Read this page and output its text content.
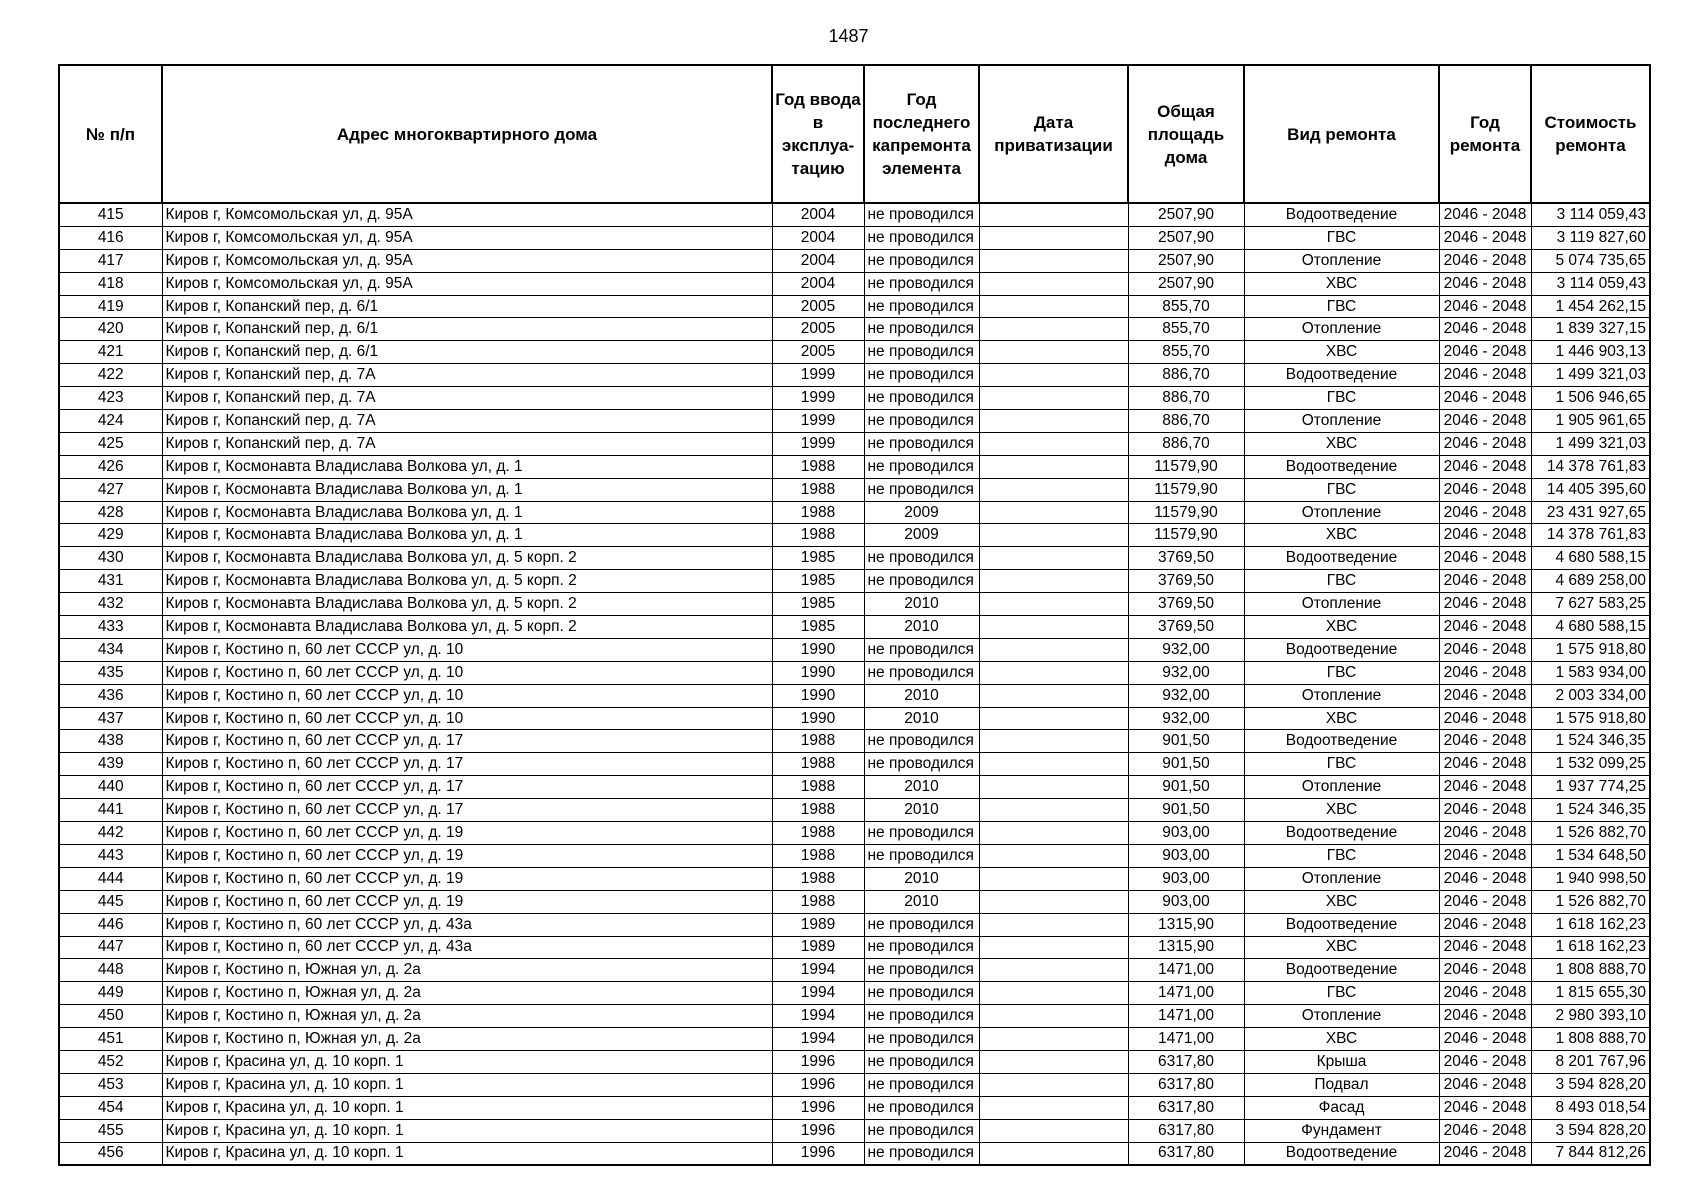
1487
№ п/п	Адрес многоквартирного дома	Год ввода в эксплуа-тацию	Год последнего капремонта элемента	Дата приватизации	Общая площадь дома	Вид ремонта	Год ремонта	Стоимость ремонта
415	Киров г, Комсомольская ул, д. 95А	2004	не проводился		2507,90	Водоотведение	2046 - 2048	3 114 059,43
416	Киров г, Комсомольская ул, д. 95А	2004	не проводился		2507,90	ГВС	2046 - 2048	3 119 827,60
417	Киров г, Комсомольская ул, д. 95А	2004	не проводился		2507,90	Отопление	2046 - 2048	5 074 735,65
418	Киров г, Комсомольская ул, д. 95А	2004	не проводился		2507,90	ХВС	2046 - 2048	3 114 059,43
419	Киров г, Копанский пер, д. 6/1	2005	не проводился		855,70	ГВС	2046 - 2048	1 454 262,15
420	Киров г, Копанский пер, д. 6/1	2005	не проводился		855,70	Отопление	2046 - 2048	1 839 327,15
421	Киров г, Копанский пер, д. 6/1	2005	не проводился		855,70	ХВС	2046 - 2048	1 446 903,13
422	Киров г, Копанский пер, д. 7А	1999	не проводился		886,70	Водоотведение	2046 - 2048	1 499 321,03
423	Киров г, Копанский пер, д. 7А	1999	не проводился		886,70	ГВС	2046 - 2048	1 506 946,65
424	Киров г, Копанский пер, д. 7А	1999	не проводился		886,70	Отопление	2046 - 2048	1 905 961,65
425	Киров г, Копанский пер, д. 7А	1999	не проводился		886,70	ХВС	2046 - 2048	1 499 321,03
426	Киров г, Космонавта Владислава Волкова ул, д. 1	1988	не проводился		11579,90	Водоотведение	2046 - 2048	14 378 761,83
427	Киров г, Космонавта Владислава Волкова ул, д. 1	1988	не проводился		11579,90	ГВС	2046 - 2048	14 405 395,60
428	Киров г, Космонавта Владислава Волкова ул, д. 1	1988	2009		11579,90	Отопление	2046 - 2048	23 431 927,65
429	Киров г, Космонавта Владислава Волкова ул, д. 1	1988	2009		11579,90	ХВС	2046 - 2048	14 378 761,83
430	Киров г, Космонавта Владислава Волкова ул, д. 5 корп. 2	1985	не проводился		3769,50	Водоотведение	2046 - 2048	4 680 588,15
431	Киров г, Космонавта Владислава Волкова ул, д. 5 корп. 2	1985	не проводился		3769,50	ГВС	2046 - 2048	4 689 258,00
432	Киров г, Космонавта Владислава Волкова ул, д. 5 корп. 2	1985	2010		3769,50	Отопление	2046 - 2048	7 627 583,25
433	Киров г, Космонавта Владислава Волкова ул, д. 5 корп. 2	1985	2010		3769,50	ХВС	2046 - 2048	4 680 588,15
434	Киров г, Костино п, 60 лет СССР ул, д. 10	1990	не проводился		932,00	Водоотведение	2046 - 2048	1 575 918,80
435	Киров г, Костино п, 60 лет СССР ул, д. 10	1990	не проводился		932,00	ГВС	2046 - 2048	1 583 934,00
436	Киров г, Костино п, 60 лет СССР ул, д. 10	1990	2010		932,00	Отопление	2046 - 2048	2 003 334,00
437	Киров г, Костино п, 60 лет СССР ул, д. 10	1990	2010		932,00	ХВС	2046 - 2048	1 575 918,80
438	Киров г, Костино п, 60 лет СССР ул, д. 17	1988	не проводился		901,50	Водоотведение	2046 - 2048	1 524 346,35
439	Киров г, Костино п, 60 лет СССР ул, д. 17	1988	не проводился		901,50	ГВС	2046 - 2048	1 532 099,25
440	Киров г, Костино п, 60 лет СССР ул, д. 17	1988	2010		901,50	Отопление	2046 - 2048	1 937 774,25
441	Киров г, Костино п, 60 лет СССР ул, д. 17	1988	2010		901,50	ХВС	2046 - 2048	1 524 346,35
442	Киров г, Костино п, 60 лет СССР ул, д. 19	1988	не проводился		903,00	Водоотведение	2046 - 2048	1 526 882,70
443	Киров г, Костино п, 60 лет СССР ул, д. 19	1988	не проводился		903,00	ГВС	2046 - 2048	1 534 648,50
444	Киров г, Костино п, 60 лет СССР ул, д. 19	1988	2010		903,00	Отопление	2046 - 2048	1 940 998,50
445	Киров г, Костино п, 60 лет СССР ул, д. 19	1988	2010		903,00	ХВС	2046 - 2048	1 526 882,70
446	Киров г, Костино п, 60 лет СССР ул, д. 43а	1989	не проводился		1315,90	Водоотведение	2046 - 2048	1 618 162,23
447	Киров г, Костино п, 60 лет СССР ул, д. 43а	1989	не проводился		1315,90	ХВС	2046 - 2048	1 618 162,23
448	Киров г, Костино п, Южная ул, д. 2а	1994	не проводился		1471,00	Водоотведение	2046 - 2048	1 808 888,70
449	Киров г, Костино п, Южная ул, д. 2а	1994	не проводился		1471,00	ГВС	2046 - 2048	1 815 655,30
450	Киров г, Костино п, Южная ул, д. 2а	1994	не проводился		1471,00	Отопление	2046 - 2048	2 980 393,10
451	Киров г, Костино п, Южная ул, д. 2а	1994	не проводился		1471,00	ХВС	2046 - 2048	1 808 888,70
452	Киров г, Красина ул, д. 10 корп. 1	1996	не проводился		6317,80	Крыша	2046 - 2048	8 201 767,96
453	Киров г, Красина ул, д. 10 корп. 1	1996	не проводился		6317,80	Подвал	2046 - 2048	3 594 828,20
454	Киров г, Красина ул, д. 10 корп. 1	1996	не проводился		6317,80	Фасад	2046 - 2048	8 493 018,54
455	Киров г, Красина ул, д. 10 корп. 1	1996	не проводился		6317,80	Фундамент	2046 - 2048	3 594 828,20
456	Киров г, Красина ул, д. 10 корп. 1	1996	не проводился		6317,80	Водоотведение	2046 - 2048	7 844 812,26
